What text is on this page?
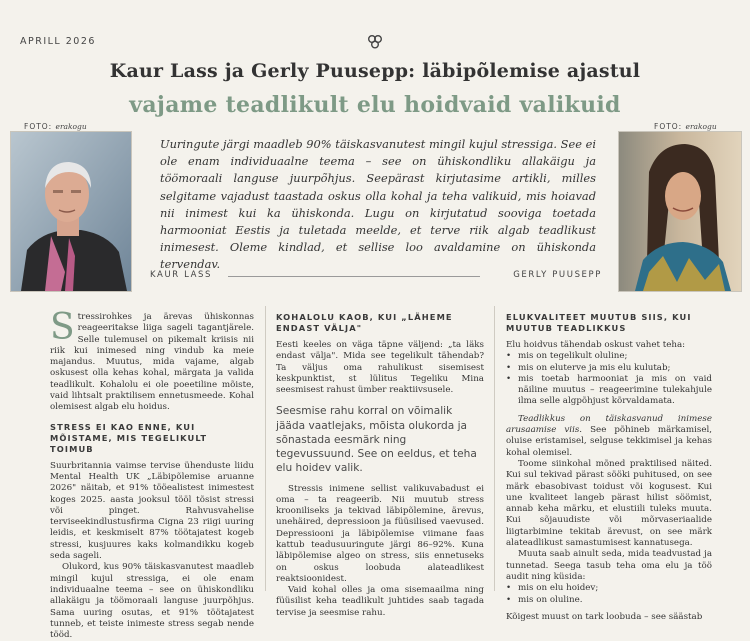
APRILL 2026
Kaur Lass ja Gerly Puusepp: läbipõlemise ajastul
vajame teadlikult elu hoidvaid valikuid
FOTO: erakogu	FOTO: erakogu
Uuringute järgi maadleb 90% täiskasvanutest mingil kujul stressiga. See ei ole enam individuaalne teema – see on ühiskondliku allakäigu ja töömoraali languse juurpõhjus. Seepärast kirjutasime artikli, milles selgitame vajadust taastada oskus olla kohal ja teha valikuid, mis hoiavad nii inimest kui ka ühiskonda. Lugu on kirjutatud sooviga toetada harmooniat Eestis ja tuletada meelde, et terve riik algab teadlikust inimesest. Oleme kindlad, et sellise loo avaldamine on ühiskonda tervendav.
KAUR LASS	GERLY PUUSEPP

Stressirohkes ja ärevas ühiskonnas reageeritakse liiga sageli tagantjärele. Selle tulemusel on pikemalt kriisis nii riik kui inimesed ning vindub ka meie majandus. Muutus, mida vajame, algab oskusest olla kehas kohal, märgata ja valida teadlikult. Kohalolu ei ole poeetiline mõiste, vaid lihtsalt praktilisem ennetusmeede. Kohal olemisest algab elu hoidus.

STRESS EI KAO ENNE, KUI MÕISTAME, MIS TEGELIKULT TOIMUB

Suurbritannia vaimse tervise ühenduste liidu Mental Health UK „Läbipõlemise aruanne 2026" näitab, et 91% tööealistest inimestest koges 2025. aasta jooksul tööl tõsist stressi või pinget. Rahvusvahelise terviseekindlustusfirma Cigna 23 riigi uuring leidis, et keskmiselt 87% töötajatest kogeb stressi, kusjuures kaks kolmandikku kogeb seda sageli.

Olukord, kus 90% täiskasvanutest maadleb mingil kujul stressiga, ei ole enam individuaalne teema – see on ühiskondliku allakäigu ja töömoraali languse juurpõhjus. Sama uuring osutas, et 91% töötajatest tunneb, et teiste inimeste stress segab nende tööd.

KOHALOLU KAOB, KUI „LÄHEME ENDAST VÄLJA"

Eesti keeles on väga täpne väljend: „ta läks endast välja". Mida see tegelikult tähendab? Ta väljus oma rahulikust sisemisest keskpunktist, st lülitus Tegeliku Mina seesmisest rahust ümber reaktiivsusele.

Seesmise rahu korral on võimalik jääda vaatlejaks, mõista olukorda ja sõnastada eesmärk ning tegevussuund. See on eeldus, et teha elu hoidev valik.

Stressis inimene sellist valikuvabadust ei oma – ta reageerib. Nii muutub stress krooniliseks ja tekivad läbipõlemine, ärevus, unehäired, depressioon ja füüsilised vaevused. Depressiooni ja läbipõlemise viimane faas kattub teadusuuringute järgi 86–92%. Kuna läbipõlemise algeo on stress, siis ennetuseks on oskus loobuda alateadlikest reaktsioonidest.

Vaid kohal olles ja oma sisemaailma ning füüsilist keha teadlikult juhtides saab tagada tervise ja seesmise rahu.

ELUKVALITEET MUUTUB SIIS, KUI MUUTUB TEADLIKKUS

Elu hoidvus tähendab oskust vahet teha:

• mis on tegelikult oluline;
• mis on eluterve ja mis elu kulutab;
• mis toetab harmooniat ja mis on vaid näiline muutus – reageerimine tulekahjule ilma selle algpõhjust kõrvaldamata.

Teadlikkus on täiskasvanud inimese arusaamise viis. See põhineb märkamisel, oluise eristamisel, selguse tekkimisel ja kehas kohal olemisel.

Toome siinkohal mõned praktilised näited. Kui sul tekivad pärast sööki puhitused, on see märk ebasobivast toidust või kogusest. Kui une kvaliteet langeb pärast hilist söömist, annab keha märku, et elustiili tuleks muuta. Kui sõjauudiste või mõrvaseriaalide liigtarbimine tekitab ärevust, on see märk alateadlikust samastumisest kannatusega.

Muuta saab ainult seda, mida teadvustad ja tunnetad. Seega tasub teha oma elu ja töö audit ning küsida:

• mis on elu hoidev;
• mis on oluline.

Kõigest muust on tark loobuda – see säästab
